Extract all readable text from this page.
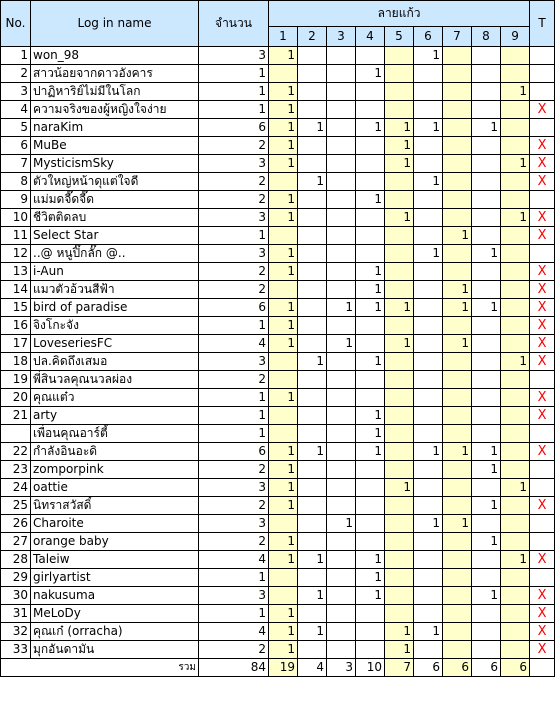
No.	Log in name	จำนวน	ลายแก้ว									T
			1	2	3	4	5	6	7	8	9	
1	won_98	3	1					1				
2	สาวน้อยจากดาวอังคาร	1				1						
3	ปาฏิหาริย์ไม่มีในโลก	1	1								1	
4	ความจริงของผู้หญิงใจง่าย	1	1									X
5	naraKim	6	1	1		1	1	1		1		
6	MuBe	2	1				1					X
7	MysticismSky	3	1				1				1	X
8	ตัวใหญ่หน้าดุแต่ใจดี	2		1				1				X
9	แม่มดจี๊ดจี๊ด	2	1			1						
10	ชีวิตติดลบ	3	1				1				1	X
11	Select Star	1							1			X
12	..@ หนูปิ๊กลั๊ก @..	3	1					1		1		
13	i-Aun	2	1			1						X
14	แมวตัวอ้วนสีฟ้า	2				1			1			X
15	bird of paradise	6	1		1	1	1		1	1		X
16	จิงโกะจัง	1	1									X
17	LoveseriesFC	4	1		1		1		1			X
18	ปล.คิดถึงเสมอ	3		1		1					1	X
19	พี่สินวลคุณนวลผ่อง	2										
20	คุณแต๋ว	1	1									X
21	arty	1				1						X
	เพื่อนคุณอาร์ตี้	1				1						
22	กำลังอินอะดิ	6	1	1		1		1	1	1		X
23	zomporpink	2	1							1		
24	oattie	3	1				1				1	
25	นิทราสวัสดิ์	2	1							1		X
26	Charoite	3			1			1	1			
27	orange baby	2	1							1		
28	Taleiw	4	1	1		1					1	X
29	girlyartist	1				1						
30	nakusuma	3		1		1				1		X
31	MeLoDy	1	1									X
32	คุณเก๋ (orracha)	4	1	1			1	1				X
33	มุกอันดามัน	2	1				1					X
รวม		84	19	4	3	10	7	6	6	6	6	
